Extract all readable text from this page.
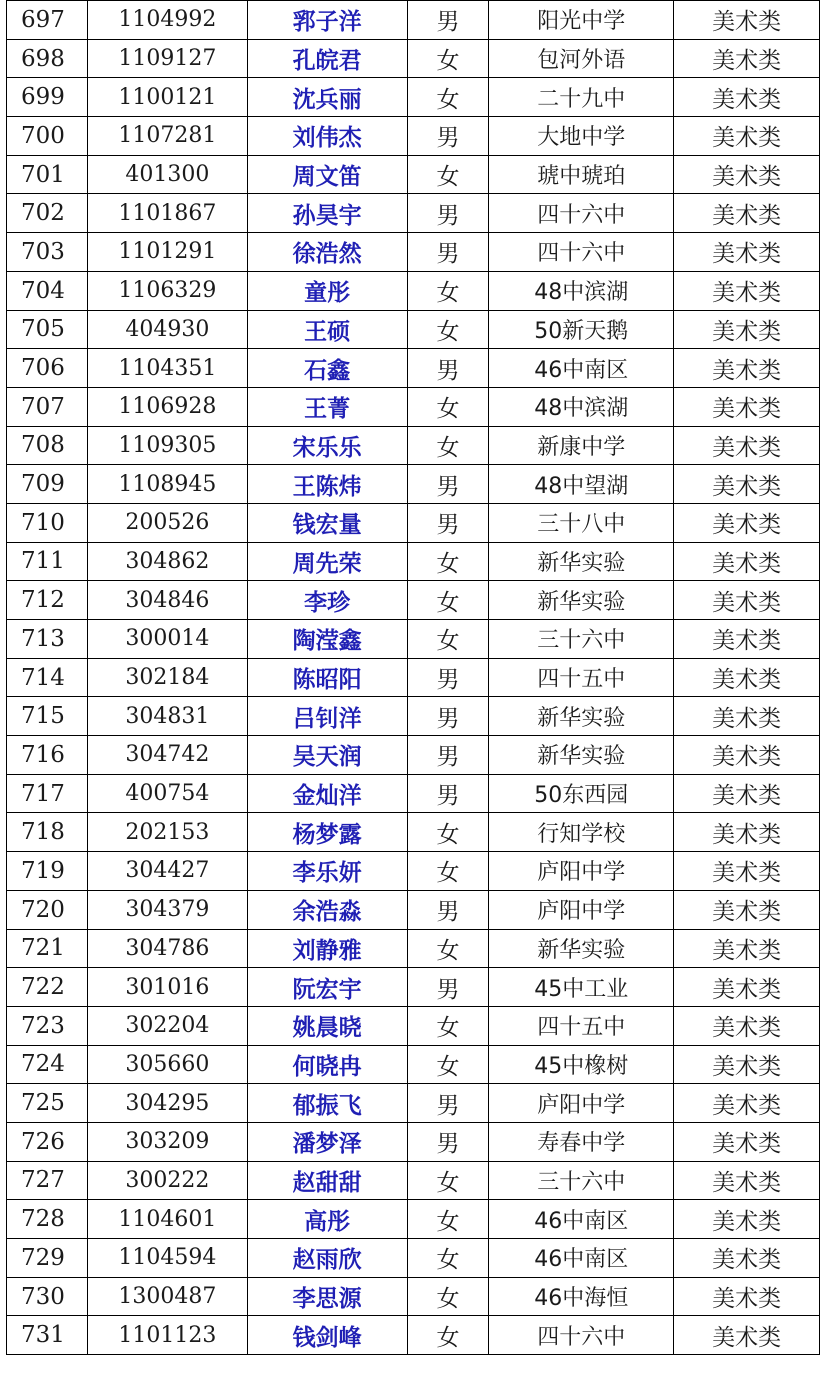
697	1104992	郛子洋	男	阳光中学	美术类
698	1109127	孔皖君	女	包河外语	美术类
699	1100121	沈兵丽	女	二十九中	美术类
700	1107281	刘伟杰	男	大地中学	美术类
701	401300	周文笛	女	琥中琥珀	美术类
702	1101867	孙昊宇	男	四十六中	美术类
703	1101291	徐浩然	男	四十六中	美术类
704	1106329	童彤	女	48中滨湖	美术类
705	404930	王硕	女	50新天鹅	美术类
706	1104351	石鑫	男	46中南区	美术类
707	1106928	王菁	女	48中滨湖	美术类
708	1109305	宋乐乐	女	新康中学	美术类
709	1108945	王陈炜	男	48中望湖	美术类
710	200526	钱宏量	男	三十八中	美术类
711	304862	周先荣	女	新华实验	美术类
712	304846	李珍	女	新华实验	美术类
713	300014	陶滢鑫	女	三十六中	美术类
714	302184	陈昭阳	男	四十五中	美术类
715	304831	吕钊洋	男	新华实验	美术类
716	304742	吴天润	男	新华实验	美术类
717	400754	金灿洋	男	50东西园	美术类
718	202153	杨梦露	女	行知学校	美术类
719	304427	李乐妍	女	庐阳中学	美术类
720	304379	余浩淼	男	庐阳中学	美术类
721	304786	刘静雅	女	新华实验	美术类
722	301016	阮宏宇	男	45中工业	美术类
723	302204	姚晨晓	女	四十五中	美术类
724	305660	何晓冉	女	45中橡树	美术类
725	304295	郁振飞	男	庐阳中学	美术类
726	303209	潘梦泽	男	寿春中学	美术类
727	300222	赵甜甜	女	三十六中	美术类
728	1104601	高彤	女	46中南区	美术类
729	1104594	赵雨欣	女	46中南区	美术类
730	1300487	李思源	女	46中海恒	美术类
731	1101123	钱剑峰	女	四十六中	美术类
